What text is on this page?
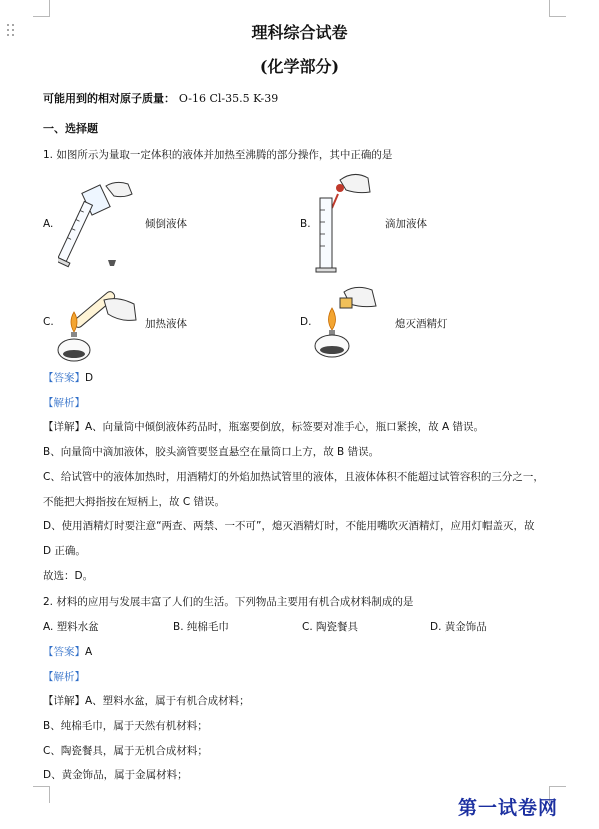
理科综合试卷
(化学部分)
可能用到的相对原子质量： O-16 Cl-35.5 K-39
一、选择题
1. 如图所示为量取一定体积的液体并加热至沸腾的部分操作，其中正确的是
A.	倾倒液体	B.	滴加液体
C.	加热液体	D.	熄灭酒精灯
【答案】D
【解析】
【详解】A、向量筒中倾倒液体药品时，瓶塞要倒放，标签要对准手心，瓶口紧挨，故 A 错误。
B、向量筒中滴加液体，胶头滴管要竖直悬空在量筒口上方，故 B 错误。
C、给试管中的液体加热时，用酒精灯的外焰加热试管里的液体，且液体体积不能超过试管容积的三分之一，
不能把大拇指按在短柄上，故 C 错误。
D、使用酒精灯时要注意“两查、两禁、一不可”，熄灭酒精灯时，不能用嘴吹灭酒精灯，应用灯帽盖灭，故
D 正确。
故选：D。
2. 材料的应用与发展丰富了人们的生活。下列物品主要用有机合成材料制成的是
A. 塑料水盆	B. 纯棉毛巾	C. 陶瓷餐具	D. 黄金饰品
【答案】A
【解析】
【详解】A、塑料水盆，属于有机合成材料；
B、纯棉毛巾，属于天然有机材料；
C、陶瓷餐具，属于无机合成材料；
D、黄金饰品，属于金属材料；
第一试卷网
